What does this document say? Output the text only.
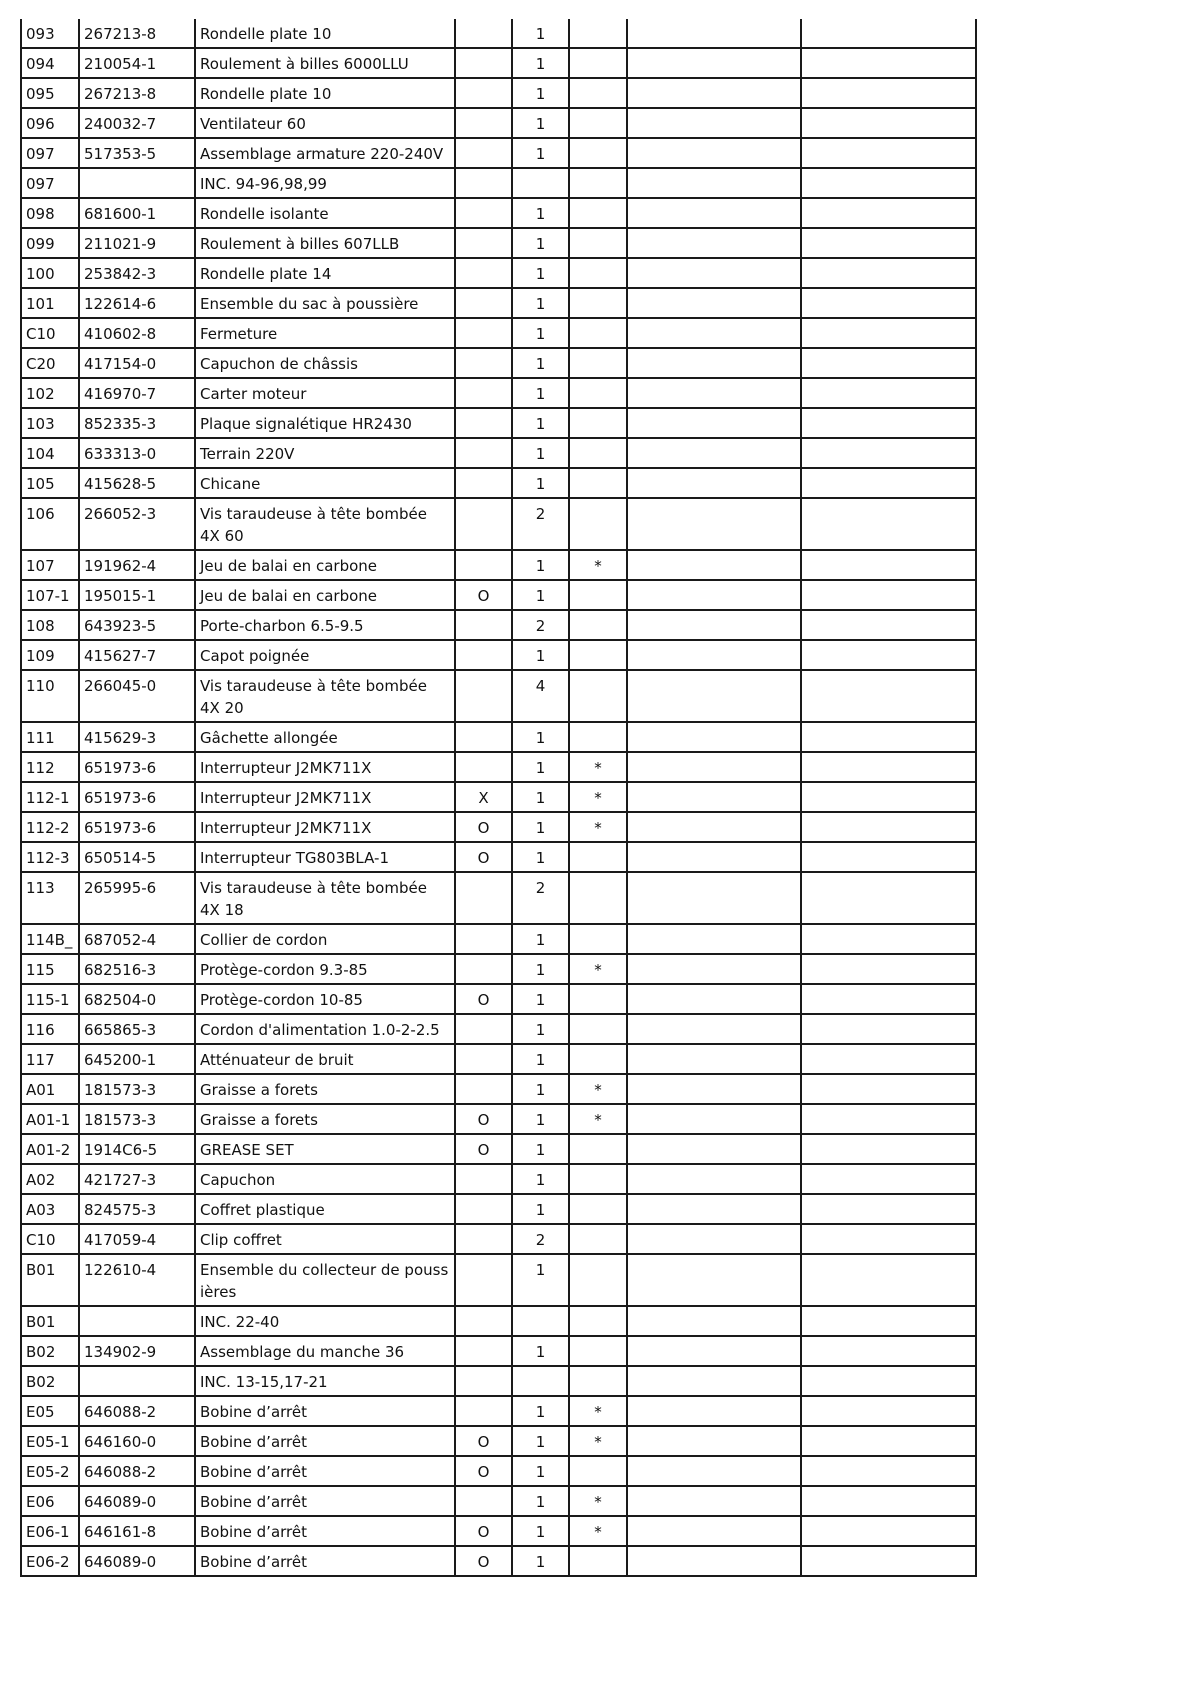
093	267213-8	Rondelle plate 10		1			

094	210054-1	Roulement à billes 6000LLU		1			

095	267213-8	Rondelle plate 10		1			

096	240032-7	Ventilateur 60		1			

097	517353-5	Assemblage armature 220-240V		1			

097		INC. 94-96,98,99					

098	681600-1	Rondelle isolante		1			

099	211021-9	Roulement à billes 607LLB		1			

100	253842-3	Rondelle plate 14		1			

101	122614-6	Ensemble du sac à poussière		1			

C10	410602-8	Fermeture		1			

C20	417154-0	Capuchon de châssis		1			

102	416970-7	Carter moteur		1			

103	852335-3	Plaque signalétique HR2430		1			

104	633313-0	Terrain 220V		1			

105	415628-5	Chicane		1			

106	266052-3	Vis taraudeuse à tête bombée 4X 60		2			

107	191962-4	Jeu de balai en carbone		1	*		

107-1	195015-1	Jeu de balai en carbone	O	1			

108	643923-5	Porte-charbon 6.5-9.5		2			

109	415627-7	Capot poignée		1			

110	266045-0	Vis taraudeuse à tête bombée 4X 20		4			

111	415629-3	Gâchette allongée		1			

112	651973-6	Interrupteur J2MK711X		1	*		

112-1	651973-6	Interrupteur J2MK711X	X	1	*		

112-2	651973-6	Interrupteur J2MK711X	O	1	*		

112-3	650514-5	Interrupteur TG803BLA-1	O	1			

113	265995-6	Vis taraudeuse à tête bombée 4X 18		2			

114B_	687052-4	Collier de cordon		1			

115	682516-3	Protège-cordon 9.3-85		1	*		

115-1	682504-0	Protège-cordon 10-85	O	1			

116	665865-3	Cordon d'alimentation 1.0-2-2.5		1			

117	645200-1	Atténuateur de bruit		1			

A01	181573-3	Graisse a forets		1	*		

A01-1	181573-3	Graisse a forets	O	1	*		

A01-2	1914C6-5	GREASE SET	O	1			

A02	421727-3	Capuchon		1			

A03	824575-3	Coffret plastique		1			

C10	417059-4	Clip coffret		2			

B01	122610-4	Ensemble du collecteur de pouss ières		1			

B01		INC. 22-40					

B02	134902-9	Assemblage du manche 36		1			

B02		INC. 13-15,17-21					

E05	646088-2	Bobine d’arrêt		1	*		

E05-1	646160-0	Bobine d’arrêt	O	1	*		

E05-2	646088-2	Bobine d’arrêt	O	1			

E06	646089-0	Bobine d’arrêt		1	*		

E06-1	646161-8	Bobine d’arrêt	O	1	*		

E06-2	646089-0	Bobine d’arrêt	O	1			
